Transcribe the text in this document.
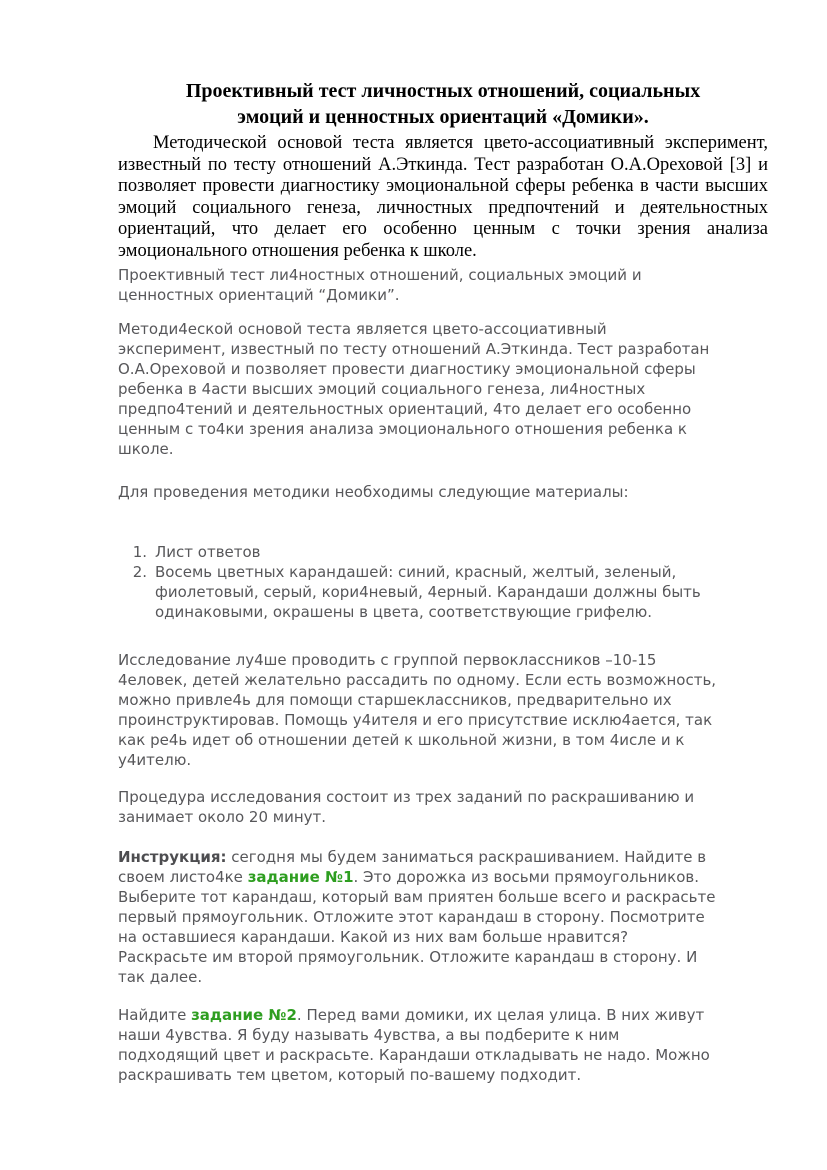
Проективный тест личностных отношений, социальных эмоций и ценностных ориентаций «Домики».

Методической основой теста является цвето-ассоциативный эксперимент, известный по тесту отношений А.Эткинда. Тест разработан О.А.Ореховой [3] и позволяет провести диагностику эмоциональной сферы ребенка в части высших эмоций социального генеза, личностных предпочтений и деятельностных ориентаций, что делает его особенно ценным с точки зрения анализа эмоционального отношения ребенка к школе.

Проективный тест ли4ностных отношений, социальных эмоций и ценностных ориентаций “Домики”.

Методи4еской основой теста является цвето-ассоциативный эксперимент, известный по тесту отношений А.Эткинда. Тест разработан О.А.Ореховой и позволяет провести диагностику эмоциональной сферы ребенка в 4асти высших эмоций социального генеза, ли4ностных предпо4тений и деятельностных ориентаций, 4то делает его особенно ценным с то4ки зрения анализа эмоционального отношения ребенка к школе.

Для проведения методики необходимы следующие материалы:

1. Лист ответов
2. Восемь цветных карандашей: синий, красный, желтый, зеленый, фиолетовый, серый, кори4невый, 4ерный. Карандаши должны быть одинаковыми, окрашены в цвета, соответствующие грифелю.

Исследование лу4ше проводить с группой первоклассников –10-15 4еловек, детей желательно рассадить по одному. Если есть возможность, можно привле4ь для помощи старшеклассников, предварительно их проинструктировав. Помощь у4ителя и его присутствие исклю4ается, так как ре4ь идет об отношении детей к школьной жизни, в том 4исле и к у4ителю.

Процедура исследования состоит из трех заданий по раскрашиванию и занимает около 20 минут.

Инструкция: сегодня мы будем заниматься раскрашиванием. Найдите в своем листо4ке задание №1. Это дорожка из восьми прямоугольников. Выберите тот карандаш, который вам приятен больше всего и раскрасьте первый прямоугольник. Отложите этот карандаш в сторону. Посмотрите на оставшиеся карандаши. Какой из них вам больше нравится? Раскрасьте им второй прямоугольник. Отложите карандаш в сторону. И так далее.

Найдите задание №2. Перед вами домики, их целая улица. В них живут наши 4увства. Я буду называть 4увства, а вы подберите к ним подходящий цвет и раскрасьте. Карандаши откладывать не надо. Можно раскрашивать тем цветом, который по-вашему подходит.
